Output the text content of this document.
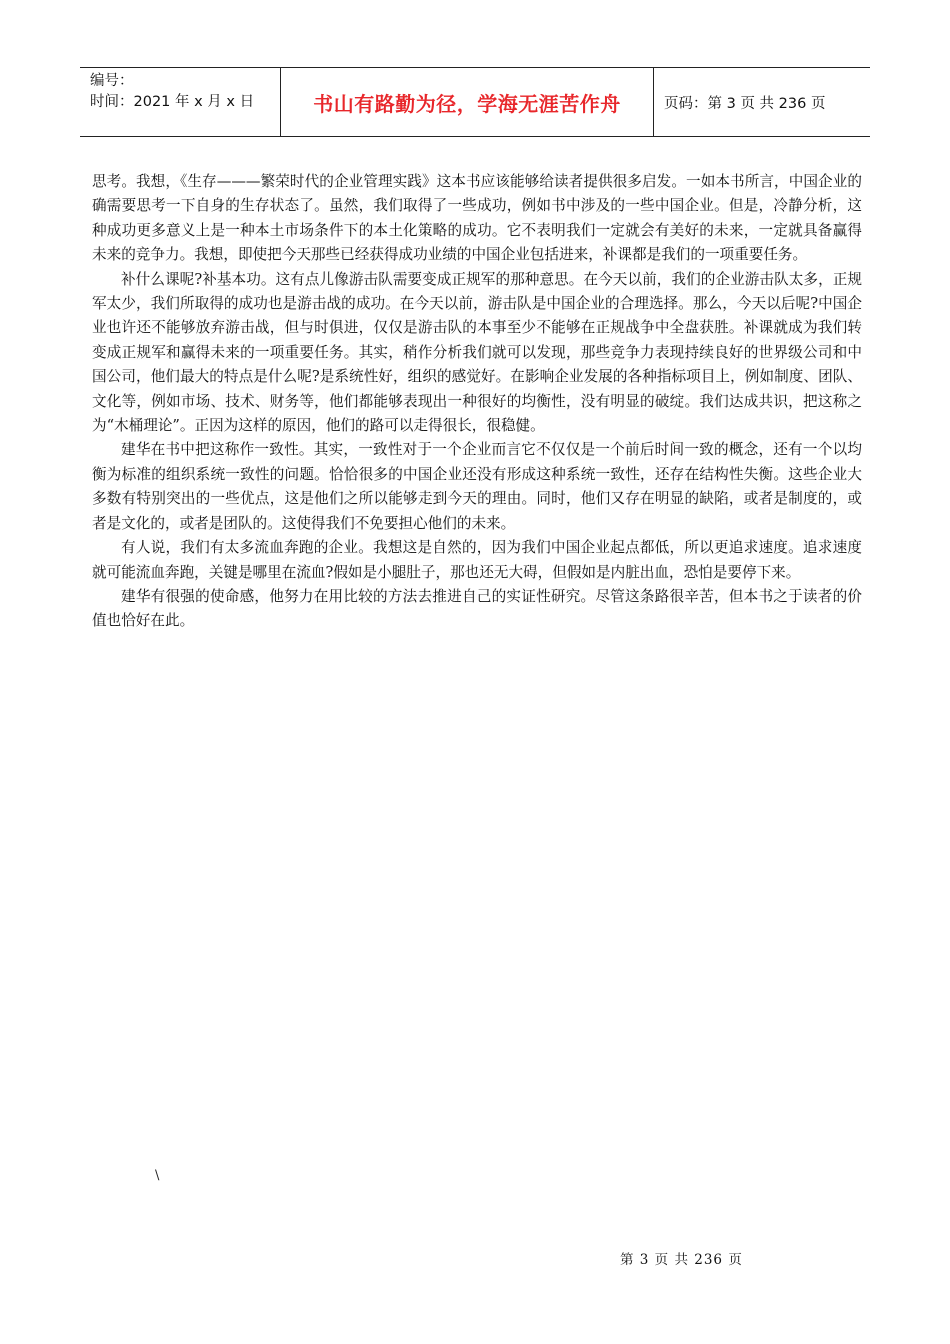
编号：
时间：2021 年 x 月 x 日	书山有路勤为径，学海无涯苦作舟	页码：第 3 页 共 236 页

思考。我想，《生存———繁荣时代的企业管理实践》这本书应该能够给读者提供很多启发。一如本书所言，中国企业的确需要思考一下自身的生存状态了。虽然，我们取得了一些成功，例如书中涉及的一些中国企业。但是，冷静分析，这种成功更多意义上是一种本土市场条件下的本土化策略的成功。它不表明我们一定就会有美好的未来，一定就具备赢得未来的竞争力。我想，即使把今天那些已经获得成功业绩的中国企业包括进来，补课都是我们的一项重要任务。

补什么课呢?补基本功。这有点儿像游击队需要变成正规军的那种意思。在今天以前，我们的企业游击队太多，正规军太少，我们所取得的成功也是游击战的成功。在今天以前，游击队是中国企业的合理选择。那么，今天以后呢?中国企业也许还不能够放弃游击战，但与时俱进，仅仅是游击队的本事至少不能够在正规战争中全盘获胜。补课就成为我们转变成正规军和赢得未来的一项重要任务。其实，稍作分析我们就可以发现，那些竞争力表现持续良好的世界级公司和中国公司，他们最大的特点是什么呢?是系统性好，组织的感觉好。在影响企业发展的各种指标项目上，例如制度、团队、文化等，例如市场、技术、财务等，他们都能够表现出一种很好的均衡性，没有明显的破绽。我们达成共识，把这称之为“木桶理论”。正因为这样的原因，他们的路可以走得很长，很稳健。

建华在书中把这称作一致性。其实，一致性对于一个企业而言它不仅仅是一个前后时间一致的概念，还有一个以均衡为标准的组织系统一致性的问题。恰恰很多的中国企业还没有形成这种系统一致性，还存在结构性失衡。这些企业大多数有特别突出的一些优点，这是他们之所以能够走到今天的理由。同时，他们又存在明显的缺陷，或者是制度的，或者是文化的，或者是团队的。这使得我们不免要担心他们的未来。

有人说，我们有太多流血奔跑的企业。我想这是自然的，因为我们中国企业起点都低，所以更追求速度。追求速度就可能流血奔跑，关键是哪里在流血?假如是小腿肚子，那也还无大碍，但假如是内脏出血，恐怕是要停下来。

建华有很强的使命感，他努力在用比较的方法去推进自己的实证性研究。尽管这条路很辛苦，但本书之于读者的价值也恰好在此。

\
第 3 页 共 236 页
